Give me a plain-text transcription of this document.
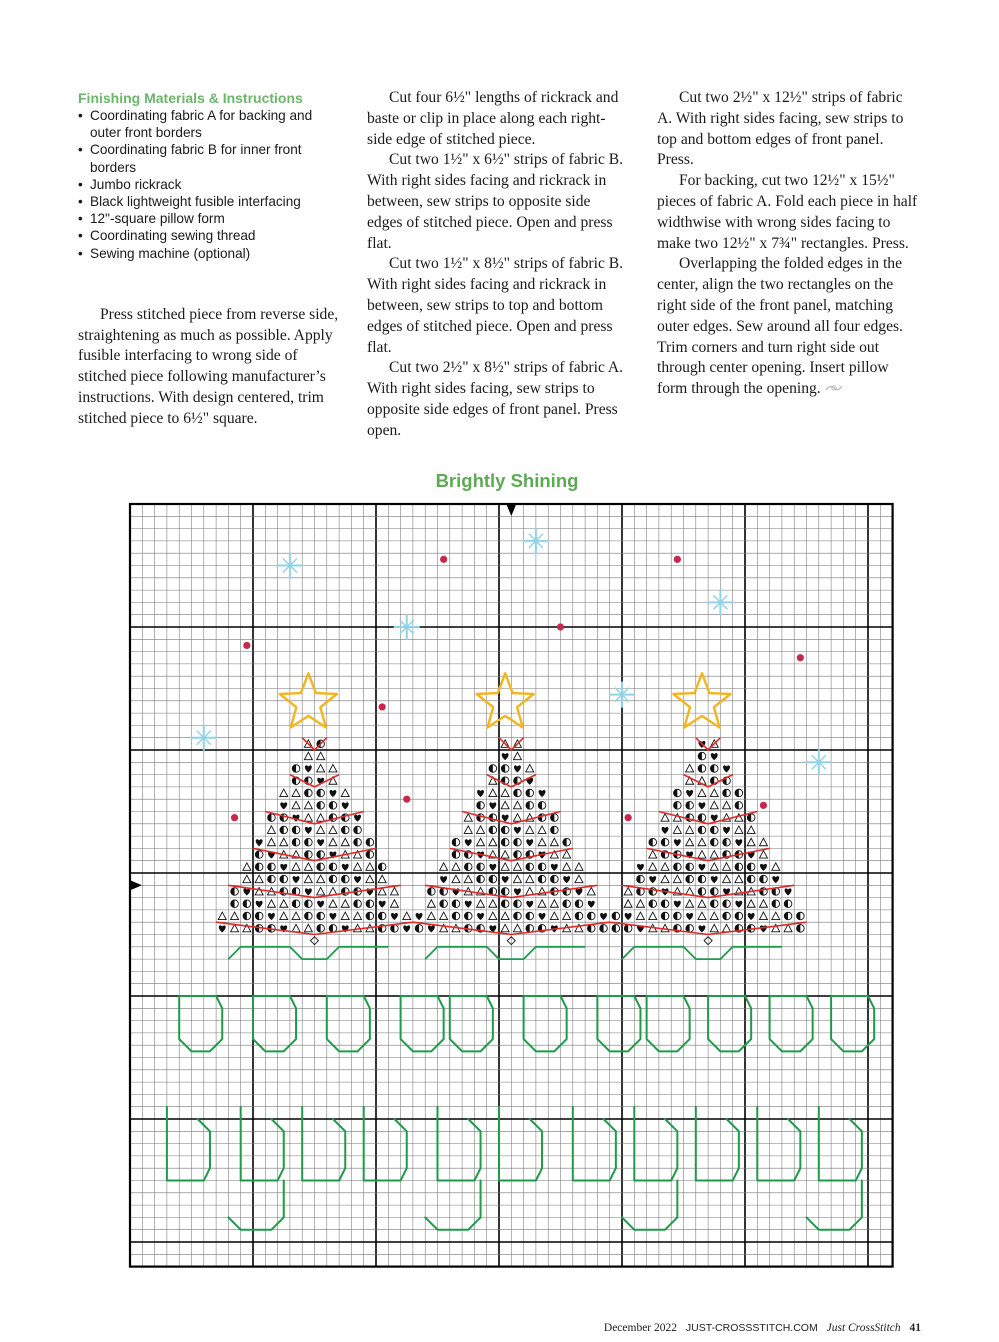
Finishing Materials & Instructions
• Coordinating fabric A for backing and outer front borders
• Coordinating fabric B for inner front borders
• Jumbo rickrack
• Black lightweight fusible interfacing
• 12"-square pillow form
• Coordinating sewing thread
• Sewing machine (optional)

Press stitched piece from reverse side, straightening as much as possible. Apply fusible interfacing to wrong side of stitched piece following manufacturer’s instructions. With design centered, trim stitched piece to 6½" square.

Cut four 6½" lengths of rickrack and baste or clip in place along each right-side edge of stitched piece.

Cut two 1½" x 6½" strips of fabric B. With right sides facing and rickrack in between, sew strips to opposite side edges of stitched piece. Open and press flat.

Cut two 1½" x 8½" strips of fabric B. With right sides facing and rickrack in between, sew strips to top and bottom edges of stitched piece. Open and press flat.

Cut two 2½" x 8½" strips of fabric A. With right sides facing, sew strips to opposite side edges of front panel. Press open.

Cut two 2½" x 12½" strips of fabric A. With right sides facing, sew strips to top and bottom edges of front panel. Press.

For backing, cut two 12½" x 15½" pieces of fabric A. Fold each piece in half widthwise with wrong sides facing to make two 12½" x 7¾" rectangles. Press.

Overlapping the folded edges in the center, align the two rectangles on the right side of the front panel, matching outer edges. Sew around all four edges. Trim corners and turn right side out through center opening. Insert pillow form through the opening.

Brightly Shining
December 2022 JUST-CROSSSTITCH.COM Just CrossStitch 41
